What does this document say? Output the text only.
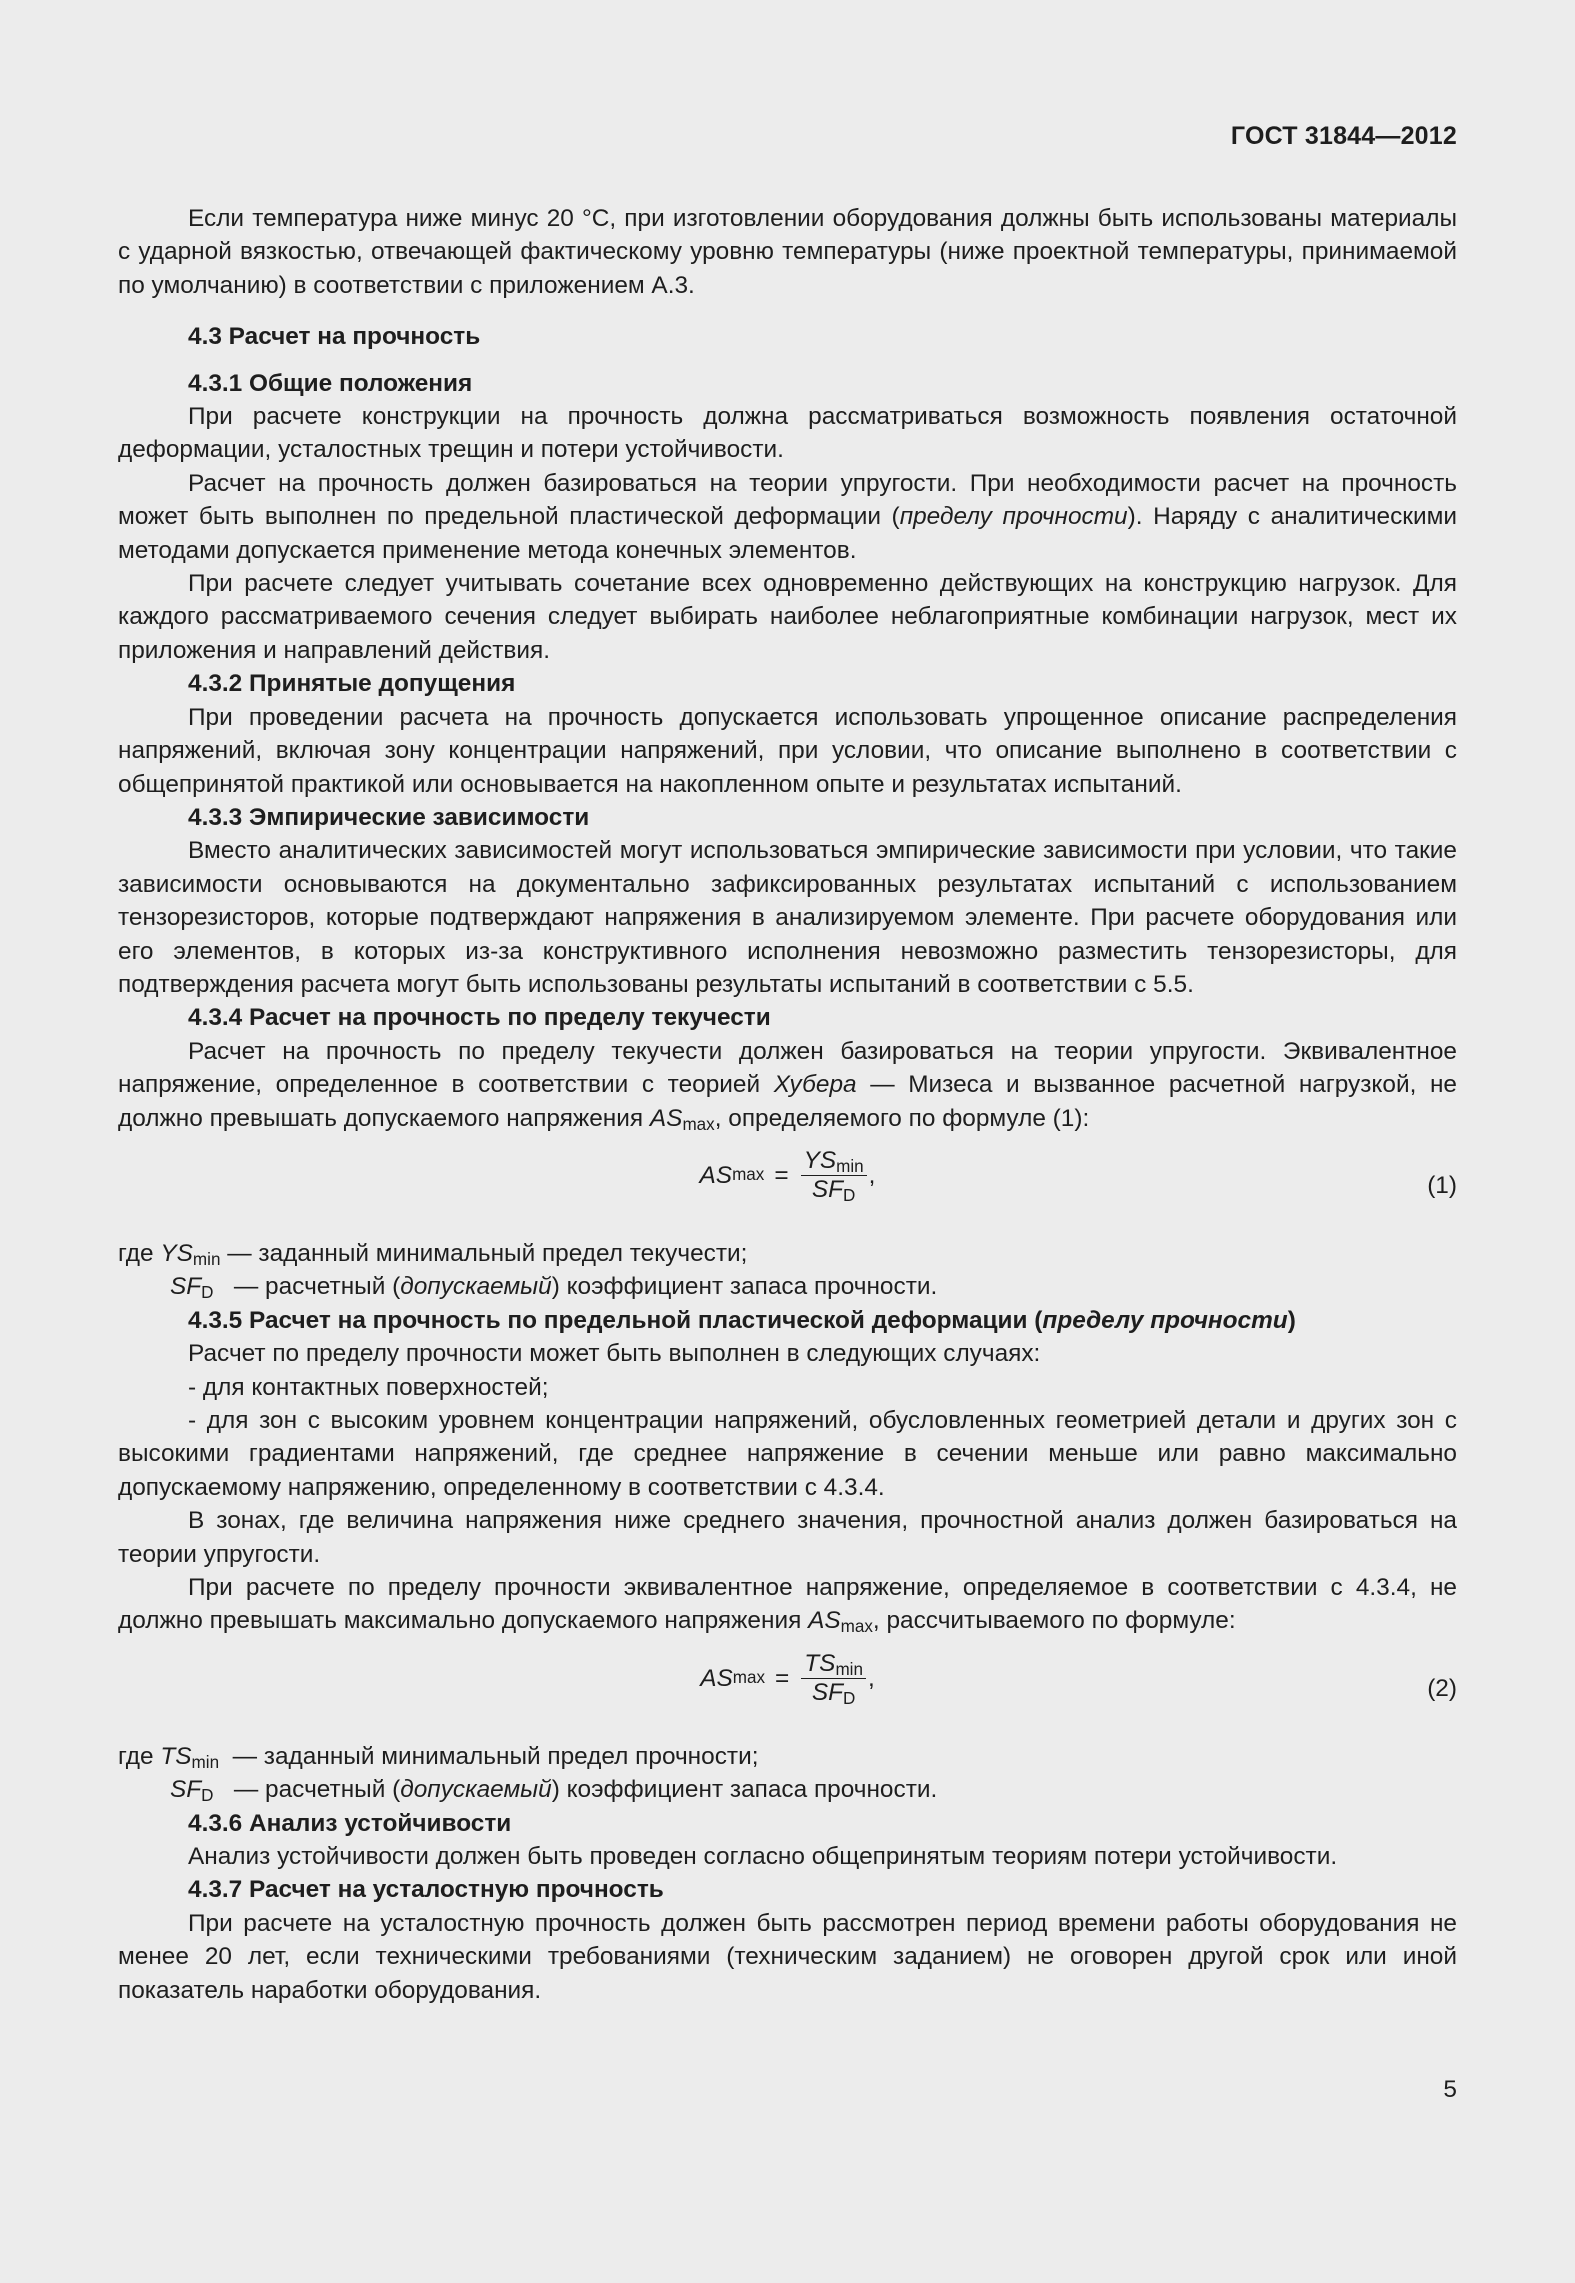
ГОСТ 31844—2012

Если температура ниже минус 20 °С, при изготовлении оборудования должны быть использованы материалы с ударной вязкостью, отвечающей фактическому уровню температуры (ниже проектной температуры, принимаемой по умолчанию) в соответствии с приложением А.3.

4.3 Расчет на прочность

4.3.1 Общие положения

При расчете конструкции на прочность должна рассматриваться возможность появления остаточной деформации, усталостных трещин и потери устойчивости.

Расчет на прочность должен базироваться на теории упругости. При необходимости расчет на прочность может быть выполнен по предельной пластической деформации (пределу прочности). Наряду с аналитическими методами допускается применение метода конечных элементов.

При расчете следует учитывать сочетание всех одновременно действующих на конструкцию нагрузок. Для каждого рассматриваемого сечения следует выбирать наиболее неблагоприятные комбинации нагрузок, мест их приложения и направлений действия.

4.3.2 Принятые допущения

При проведении расчета на прочность допускается использовать упрощенное описание распределения напряжений, включая зону концентрации напряжений, при условии, что описание выполнено в соответствии с общепринятой практикой или основывается на накопленном опыте и результатах испытаний.

4.3.3 Эмпирические зависимости

Вместо аналитических зависимостей могут использоваться эмпирические зависимости при условии, что такие зависимости основываются на документально зафиксированных результатах испытаний с использованием тензорезисторов, которые подтверждают напряжения в анализируемом элементе. При расчете оборудования или его элементов, в которых из-за конструктивного исполнения невозможно разместить тензорезисторы, для подтверждения расчета могут быть использованы результаты испытаний в соответствии с 5.5.

4.3.4 Расчет на прочность по пределу текучести

Расчет на прочность по пределу текучести должен базироваться на теории упругости. Эквивалентное напряжение, определенное в соответствии с теорией Хубера — Мизеса и вызванное расчетной нагрузкой, не должно превышать допускаемого напряжения $AS_{max}$, определяемого по формуле (1):

AS $\max = \frac{YS_{min}}{SF_D}$ ,	(1)

где $YS_{min}$ — заданный минимальный предел текучести;

$SF_D$   — расчетный (допускаемый) коэффициент запаса прочности.

4.3.5 Расчет на прочность по предельной пластической деформации (пределу прочности)

Расчет по пределу прочности может быть выполнен в следующих случаях:

- для контактных поверхностей;

- для зон с высоким уровнем концентрации напряжений, обусловленных геометрией детали и других зон с высокими градиентами напряжений, где среднее напряжение в сечении меньше или равно максимально допускаемому напряжению, определенному в соответствии с 4.3.4.

В зонах, где величина напряжения ниже среднего значения, прочностной анализ должен базироваться на теории упругости.

При расчете по пределу прочности эквивалентное напряжение, определяемое в соответствии с 4.3.4, не должно превышать максимально допускаемого напряжения $AS_{max}$, рассчитываемого по формуле:

AS $\max = \frac{TS_{min}}{SF_D}$ ,	(2)

где $TS_{min}$  — заданный минимальный предел прочности;

$SF_D$   — расчетный (допускаемый) коэффициент запаса прочности.

4.3.6 Анализ устойчивости

Анализ устойчивости должен быть проведен согласно общепринятым теориям потери устойчивости.

4.3.7 Расчет на усталостную прочность

При расчете на усталостную прочность должен быть рассмотрен период времени работы оборудования не менее 20 лет, если техническими требованиями (техническим заданием) не оговорен другой срок или иной показатель наработки оборудования.

5
